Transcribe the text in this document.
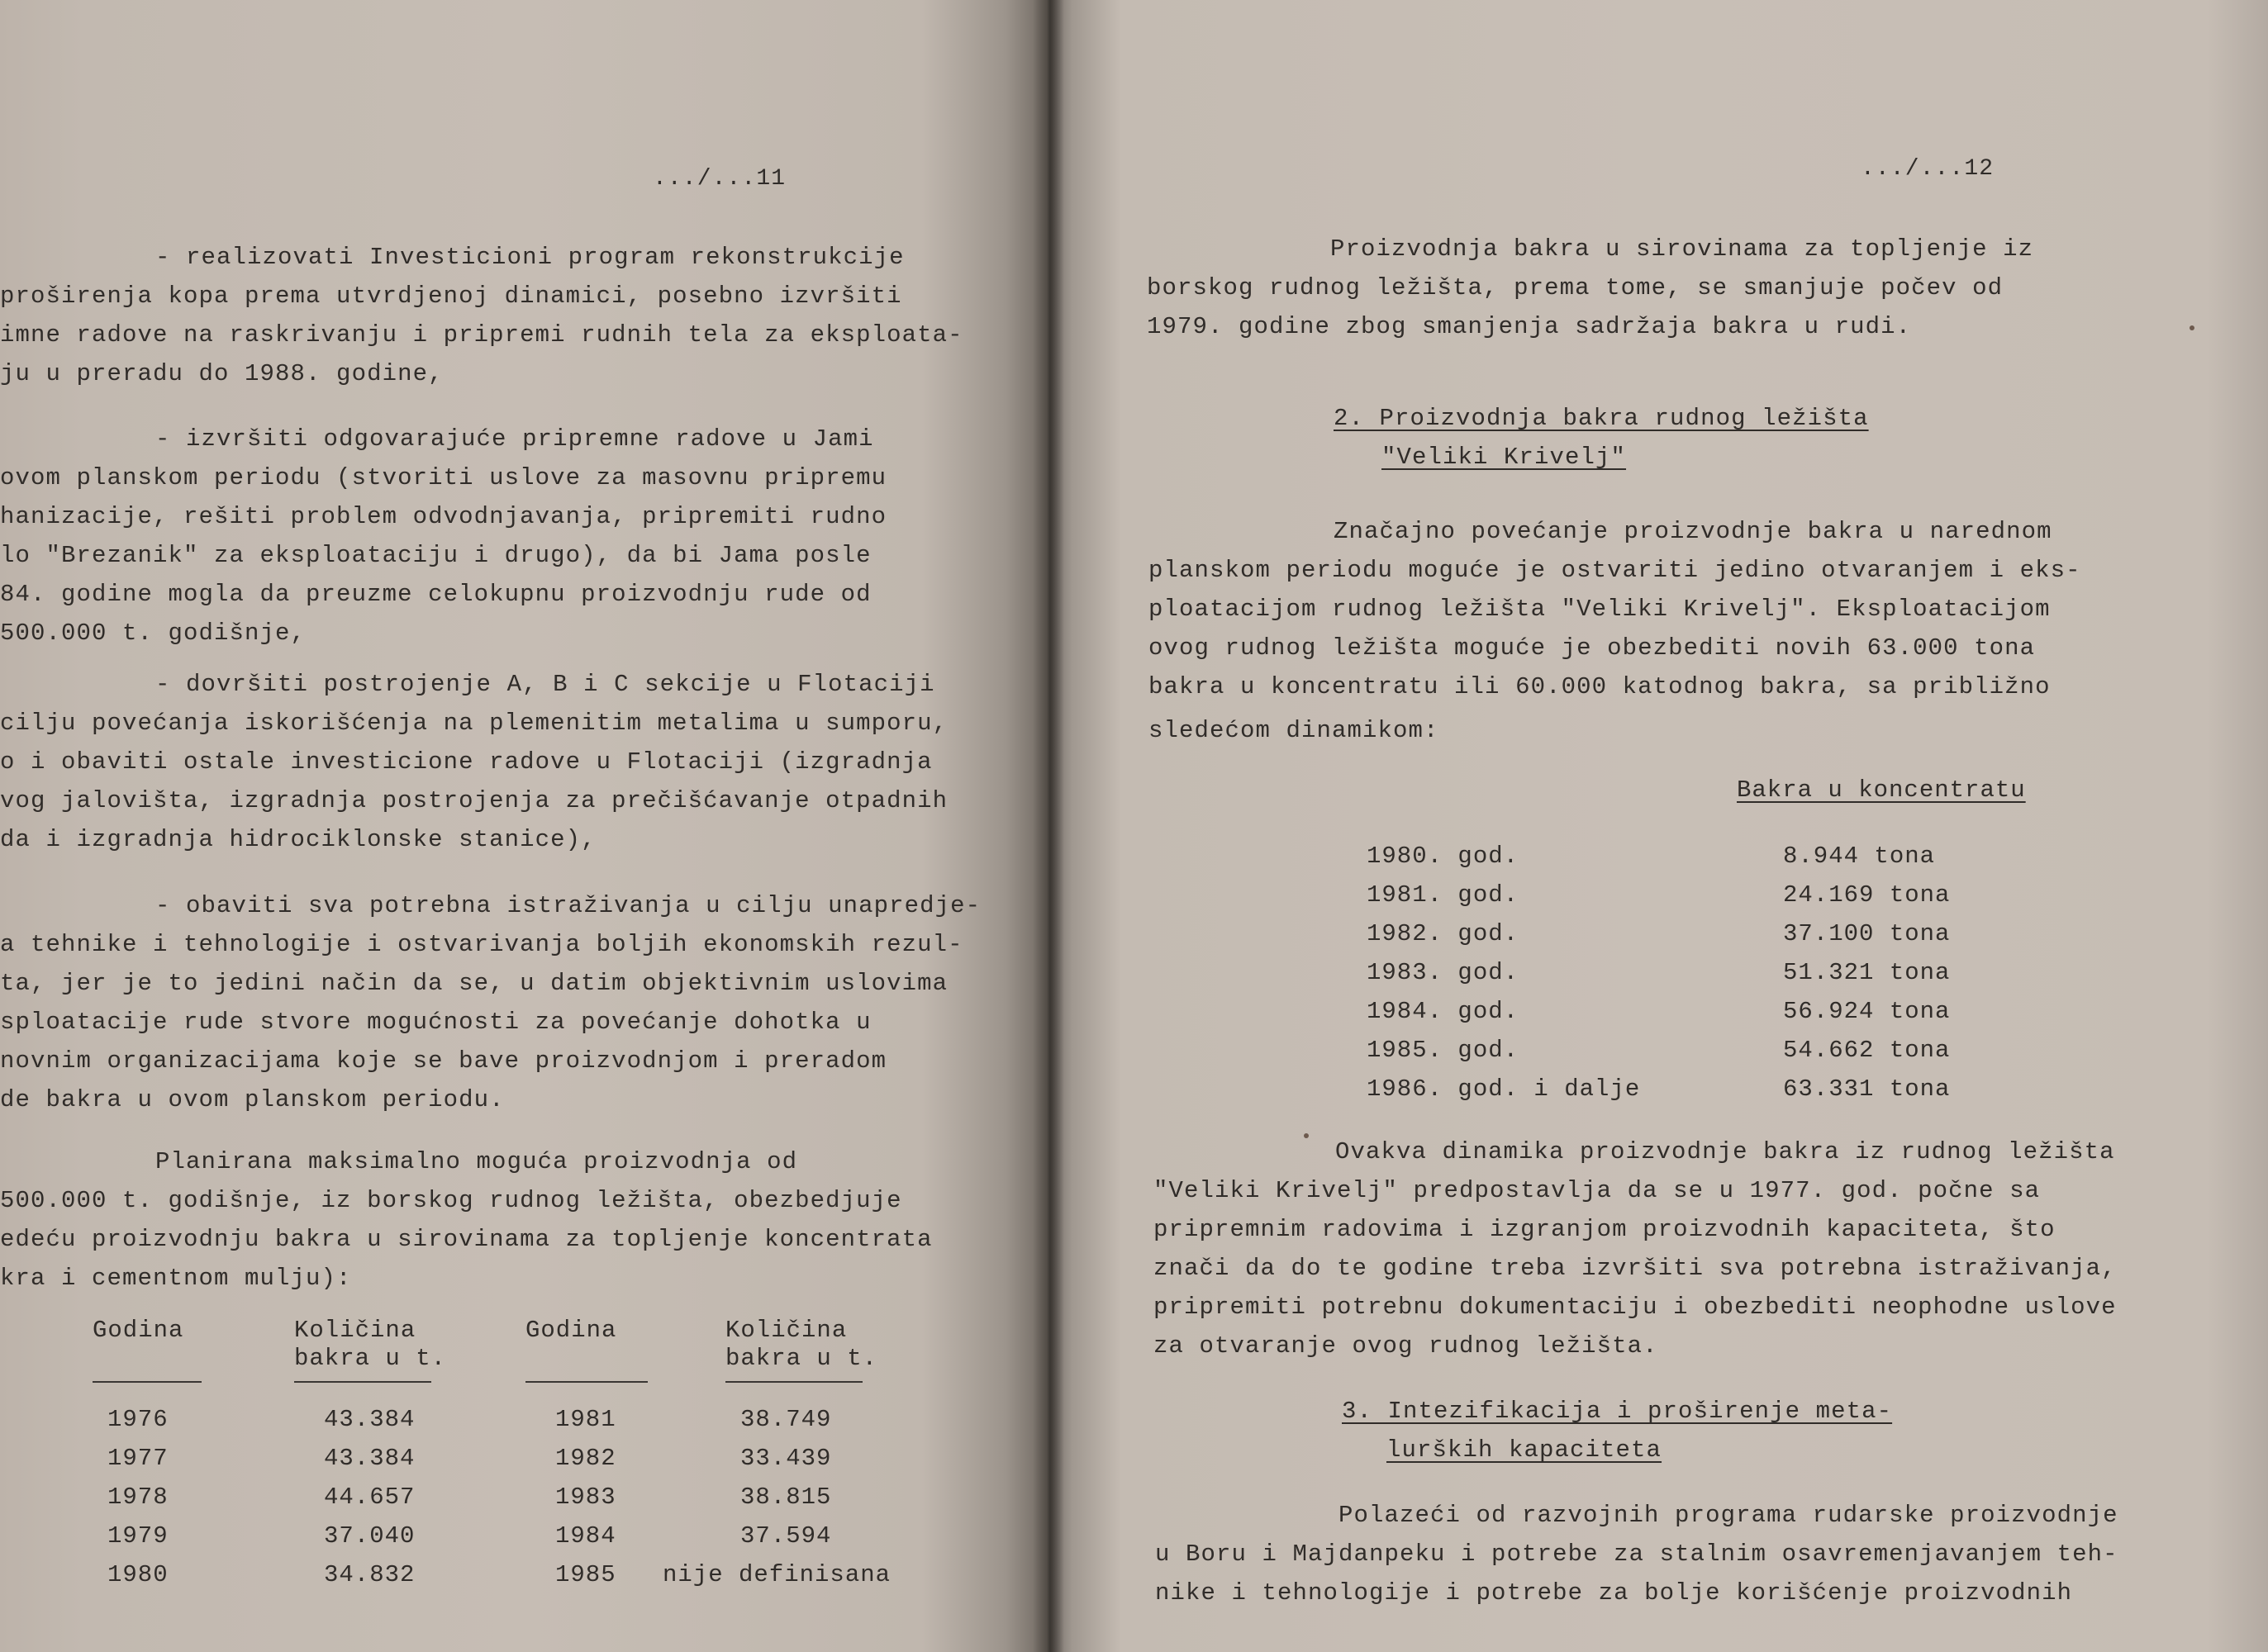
.../...11
- realizovati Investicioni program rekonstrukcije
proširenja kopa prema utvrdjenoj dinamici, posebno izvršiti
imne radove na raskrivanju i pripremi rudnih tela za eksploata-
ju u preradu do 1988. godine,
- izvršiti odgovarajuće pripremne radove u Jami
ovom planskom periodu (stvoriti uslove za masovnu pripremu
hanizacije, rešiti problem odvodnjavanja, pripremiti rudno
lo "Brezanik" za eksploataciju i drugo), da bi Jama posle
84. godine mogla da preuzme celokupnu proizvodnju rude od
500.000 t. godišnje,
- dovršiti postrojenje A, B i C sekcije u Flotaciji
cilju povećanja iskorišćenja na plemenitim metalima u sumporu,
o i obaviti ostale investicione radove u Flotaciji (izgradnja
vog jalovišta, izgradnja postrojenja za prečišćavanje otpadnih
da i izgradnja hidrociklonske stanice),
- obaviti sva potrebna istraživanja u cilju unapredje-
a tehnike i tehnologije i ostvarivanja boljih ekonomskih rezul-
ta, jer je to jedini način da se, u datim objektivnim uslovima
sploatacije rude stvore mogućnosti za povećanje dohotka u
novnim organizacijama koje se bave proizvodnjom i preradom
de bakra u ovom planskom periodu.
Planirana maksimalno moguća proizvodnja od
500.000 t. godišnje, iz borskog rudnog ležišta, obezbedjuje
edeću proizvodnju bakra u sirovinama za topljenje koncentrata
kra i cementnom mulju):
Godina	Količina
bakra u t.
Godina	Količina
bakra u t.
1976	43.384	1981	38.749
1977	43.384	1982	33.439
1978	44.657	1983	38.815
1979	37.040	1984	37.594
1980	34.832	1985 nije definisana
.../...12
Proizvodnja bakra u sirovinama za topljenje iz
borskog rudnog ležišta, prema tome, se smanjuje počev od
1979. godine zbog smanjenja sadržaja bakra u rudi.
2. Proizvodnja bakra rudnog ležišta
"Veliki Krivelj"
Značajno povećanje proizvodnje bakra u narednom
planskom periodu moguće je ostvariti jedino otvaranjem i eks-
ploatacijom rudnog ležišta "Veliki Krivelj". Eksploatacijom
ovog rudnog ležišta moguće je obezbediti novih 63.000 tona
bakra u koncentratu ili 60.000 katodnog bakra, sa približno
sledećom dinamikom:
Bakra u koncentratu
1980. god.	8.944 tona
1981. god.	24.169 tona
1982. god.	37.100 tona
1983. god.	51.321 tona
1984. god.	56.924 tona
1985. god.	54.662 tona
1986. god. i dalje	63.331 tona
Ovakva dinamika proizvodnje bakra iz rudnog ležišta
"Veliki Krivelj" predpostavlja da se u 1977. god. počne sa
pripremnim radovima i izgranjom proizvodnih kapaciteta, što
znači da do te godine treba izvršiti sva potrebna istraživanja,
pripremiti potrebnu dokumentaciju i obezbediti neophodne uslove
za otvaranje ovog rudnog ležišta.
3. Intezifikacija i proširenje meta-
lurških kapaciteta
Polazeći od razvojnih programa rudarske proizvodnje
u Boru i Majdanpeku i potrebe za stalnim osavremenjavanjem teh-
nike i tehnologije i potrebe za bolje korišćenje proizvodnih
